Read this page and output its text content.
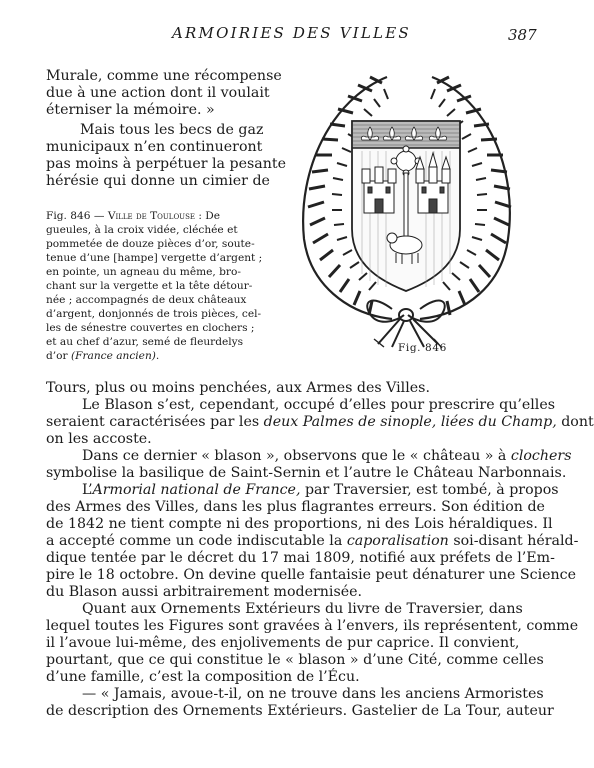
ARMOIRIES DES VILLES	387
Murale, comme une récompense
due à une action dont il voulait
éterniser la mémoire. »
Mais tous les becs de gaz
municipaux n’en continueront
pas moins à perpétuer la pesante
hérésie qui donne un cimier de
Fig. 846 — Ville de Toulouse : De
gueules, à la croix vidée, cléchée et
pommetée de douze pièces d’or, soute-
tenue d’une [hampe] vergette d’argent ;
en pointe, un agneau du même, bro-
chant sur la vergette et la tête détour-
née ; accompagnés de deux châteaux
d’argent, donjonnés de trois pièces, cel-
les de sénestre couvertes en clochers ;
et au chef d’azur, semé de fleurdelys
d’or (France ancien).
Fig. 846
Tours, plus ou moins penchées, aux Armes des Villes.
Le Blason s’est, cependant, occupé d’elles pour prescrire qu’elles
seraient caractérisées par les deux Palmes de sinople, liées du Champ, dont
on les accoste.
Dans ce dernier « blason », observons que le « château » à clochers
symbolise la basilique de Saint-Sernin et l’autre le Château Narbonnais.
L’Armorial national de France, par Traversier, est tombé, à propos
des Armes des Villes, dans les plus flagrantes erreurs. Son édition de
de 1842 ne tient compte ni des proportions, ni des Lois héraldiques. Il
a accepté comme un code indiscutable la caporalisation soi-disant hérald-
dique tentée par le décret du 17 mai 1809, notifié aux préfets de l’Em-
pire le 18 octobre. On devine quelle fantaisie peut dénaturer une Science
du Blason aussi arbitrairement modernisée.
Quant aux Ornements Extérieurs du livre de Traversier, dans
lequel toutes les Figures sont gravées à l’envers, ils représentent, comme
il l’avoue lui-même, des enjolivements de pur caprice. Il convient,
pourtant, que ce qui constitue le « blason » d’une Cité, comme celles
d’une famille, c’est la composition de l’Écu.
— « Jamais, avoue-t-il, on ne trouve dans les anciens Armoristes
de description des Ornements Extérieurs. Gastelier de La Tour, auteur
